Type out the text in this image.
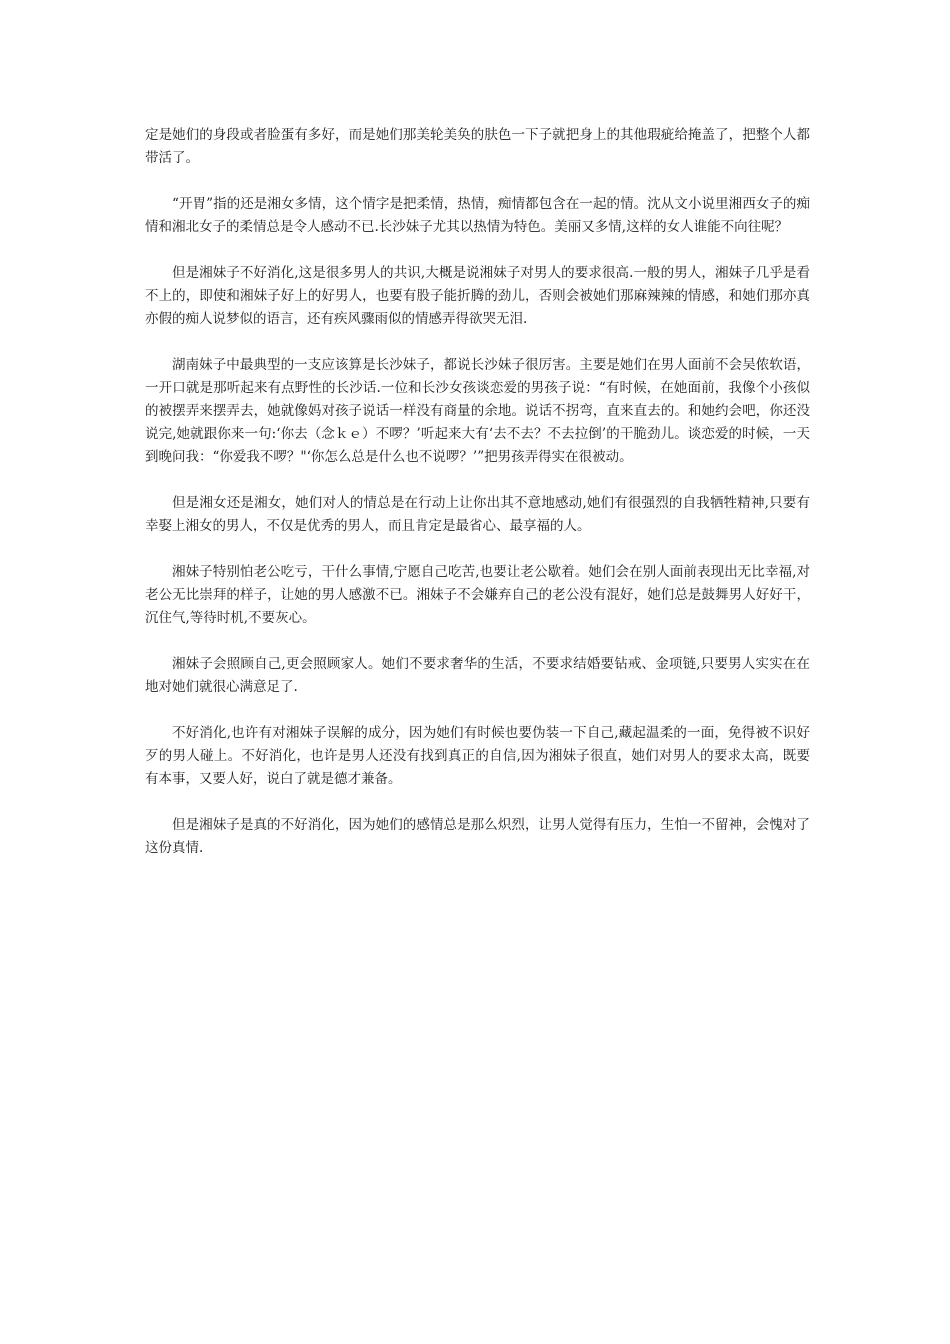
定是她们的身段或者脸蛋有多好，而是她们那美轮美奂的肤色一下子就把身上的其他瑕疵给掩盖了，把整个人都带活了。

“开胃”指的还是湘女多情，这个情字是把柔情，热情，痴情都包含在一起的情。沈从文小说里湘西女子的痴情和湘北女子的柔情总是令人感动不已.长沙妹子尤其以热情为特色。美丽又多情,这样的女人谁能不向往呢？

但是湘妹子不好消化,这是很多男人的共识,大概是说湘妹子对男人的要求很高.一般的男人，湘妹子几乎是看不上的，即使和湘妹子好上的好男人，也要有股子能折腾的劲儿，否则会被她们那麻辣辣的情感，和她们那亦真亦假的痴人说梦似的语言，还有疾风骤雨似的情感弄得欲哭无泪.

湖南妹子中最典型的一支应该算是长沙妹子，都说长沙妹子很厉害。主要是她们在男人面前不会吴侬软语，一开口就是那听起来有点野性的长沙话.一位和长沙女孩谈恋爱的男孩子说：“有时候，在她面前，我像个小孩似的被摆弄来摆弄去，她就像妈对孩子说话一样没有商量的余地。说话不拐弯，直来直去的。和她约会吧，你还没说完,她就跟你来一句:‘你去（念ｋｅ）不啰？’听起来大有‘去不去？不去拉倒’的干脆劲儿。谈恋爱的时候，一天到晚问我：“你爱我不啰？"‘你怎么总是什么也不说啰？’”把男孩弄得实在很被动。

但是湘女还是湘女，她们对人的情总是在行动上让你出其不意地感动,她们有很强烈的自我牺牲精神,只要有幸娶上湘女的男人，不仅是优秀的男人，而且肯定是最省心、最享福的人。

湘妹子特别怕老公吃亏，干什么事情,宁愿自己吃苦,也要让老公歇着。她们会在别人面前表现出无比幸福,对老公无比崇拜的样子，让她的男人感激不已。湘妹子不会嫌弃自己的老公没有混好，她们总是鼓舞男人好好干，沉住气,等待时机,不要灰心。

湘妹子会照顾自己,更会照顾家人。她们不要求奢华的生活，不要求结婚要钻戒、金项链,只要男人实实在在地对她们就很心满意足了.

不好消化,也许有对湘妹子误解的成分，因为她们有时候也要伪装一下自己,藏起温柔的一面，免得被不识好歹的男人碰上。不好消化，也许是男人还没有找到真正的自信,因为湘妹子很直，她们对男人的要求太高，既要有本事，又要人好，说白了就是德才兼备。

但是湘妹子是真的不好消化，因为她们的感情总是那么炽烈，让男人觉得有压力，生怕一不留神，会愧对了这份真情.
